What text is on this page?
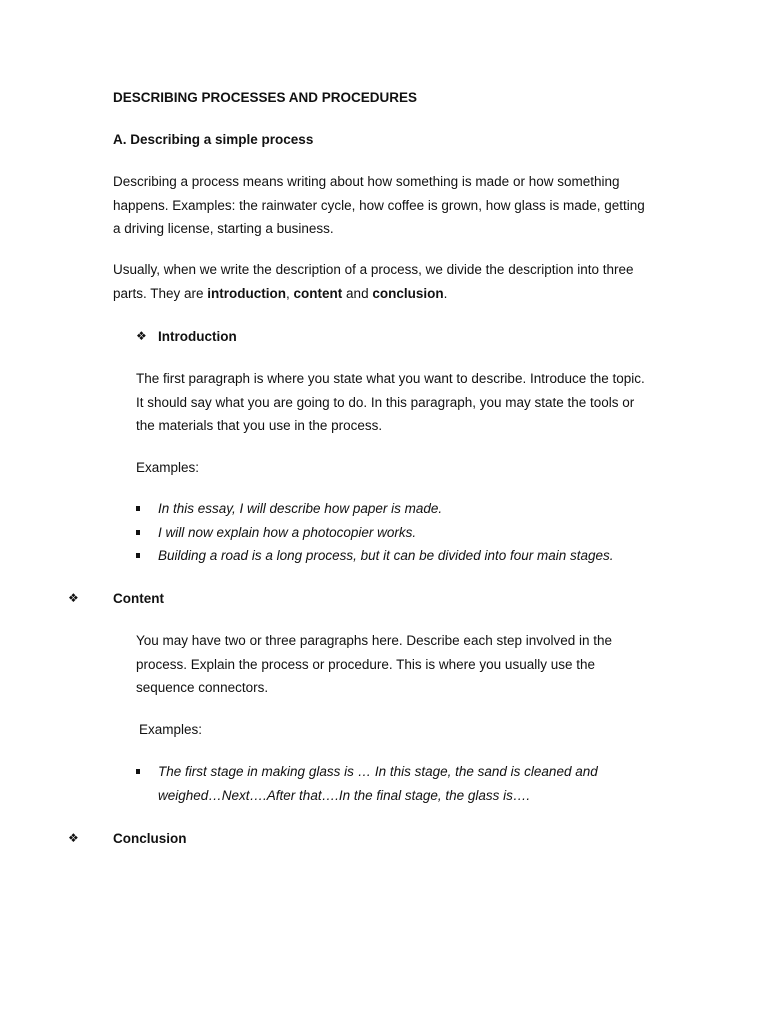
DESCRIBING PROCESSES AND PROCEDURES

A. Describing a simple process

Describing a process means writing about how something is made or how something happens. Examples: the rainwater cycle, how coffee is grown, how glass is made, getting a driving license, starting a business.

Usually, when we write the description of a process, we divide the description into three parts. They are introduction, content and conclusion.

❖ Introduction

The first paragraph is where you state what you want to describe. Introduce the topic. It should say what you are going to do. In this paragraph, you may state the tools or the materials that you use in the process.

Examples:

In this essay, I will describe how paper is made.
I will now explain how a photocopier works.
Building a road is a long process, but it can be divided into four main stages.
❖	Content

You may have two or three paragraphs here. Describe each step involved in the process. Explain the process or procedure. This is where you usually use the sequence connectors.

Examples:

The first stage in making glass is … In this stage, the sand is cleaned and weighed…Next….After that….In the final stage, the glass is….
❖	Conclusion
